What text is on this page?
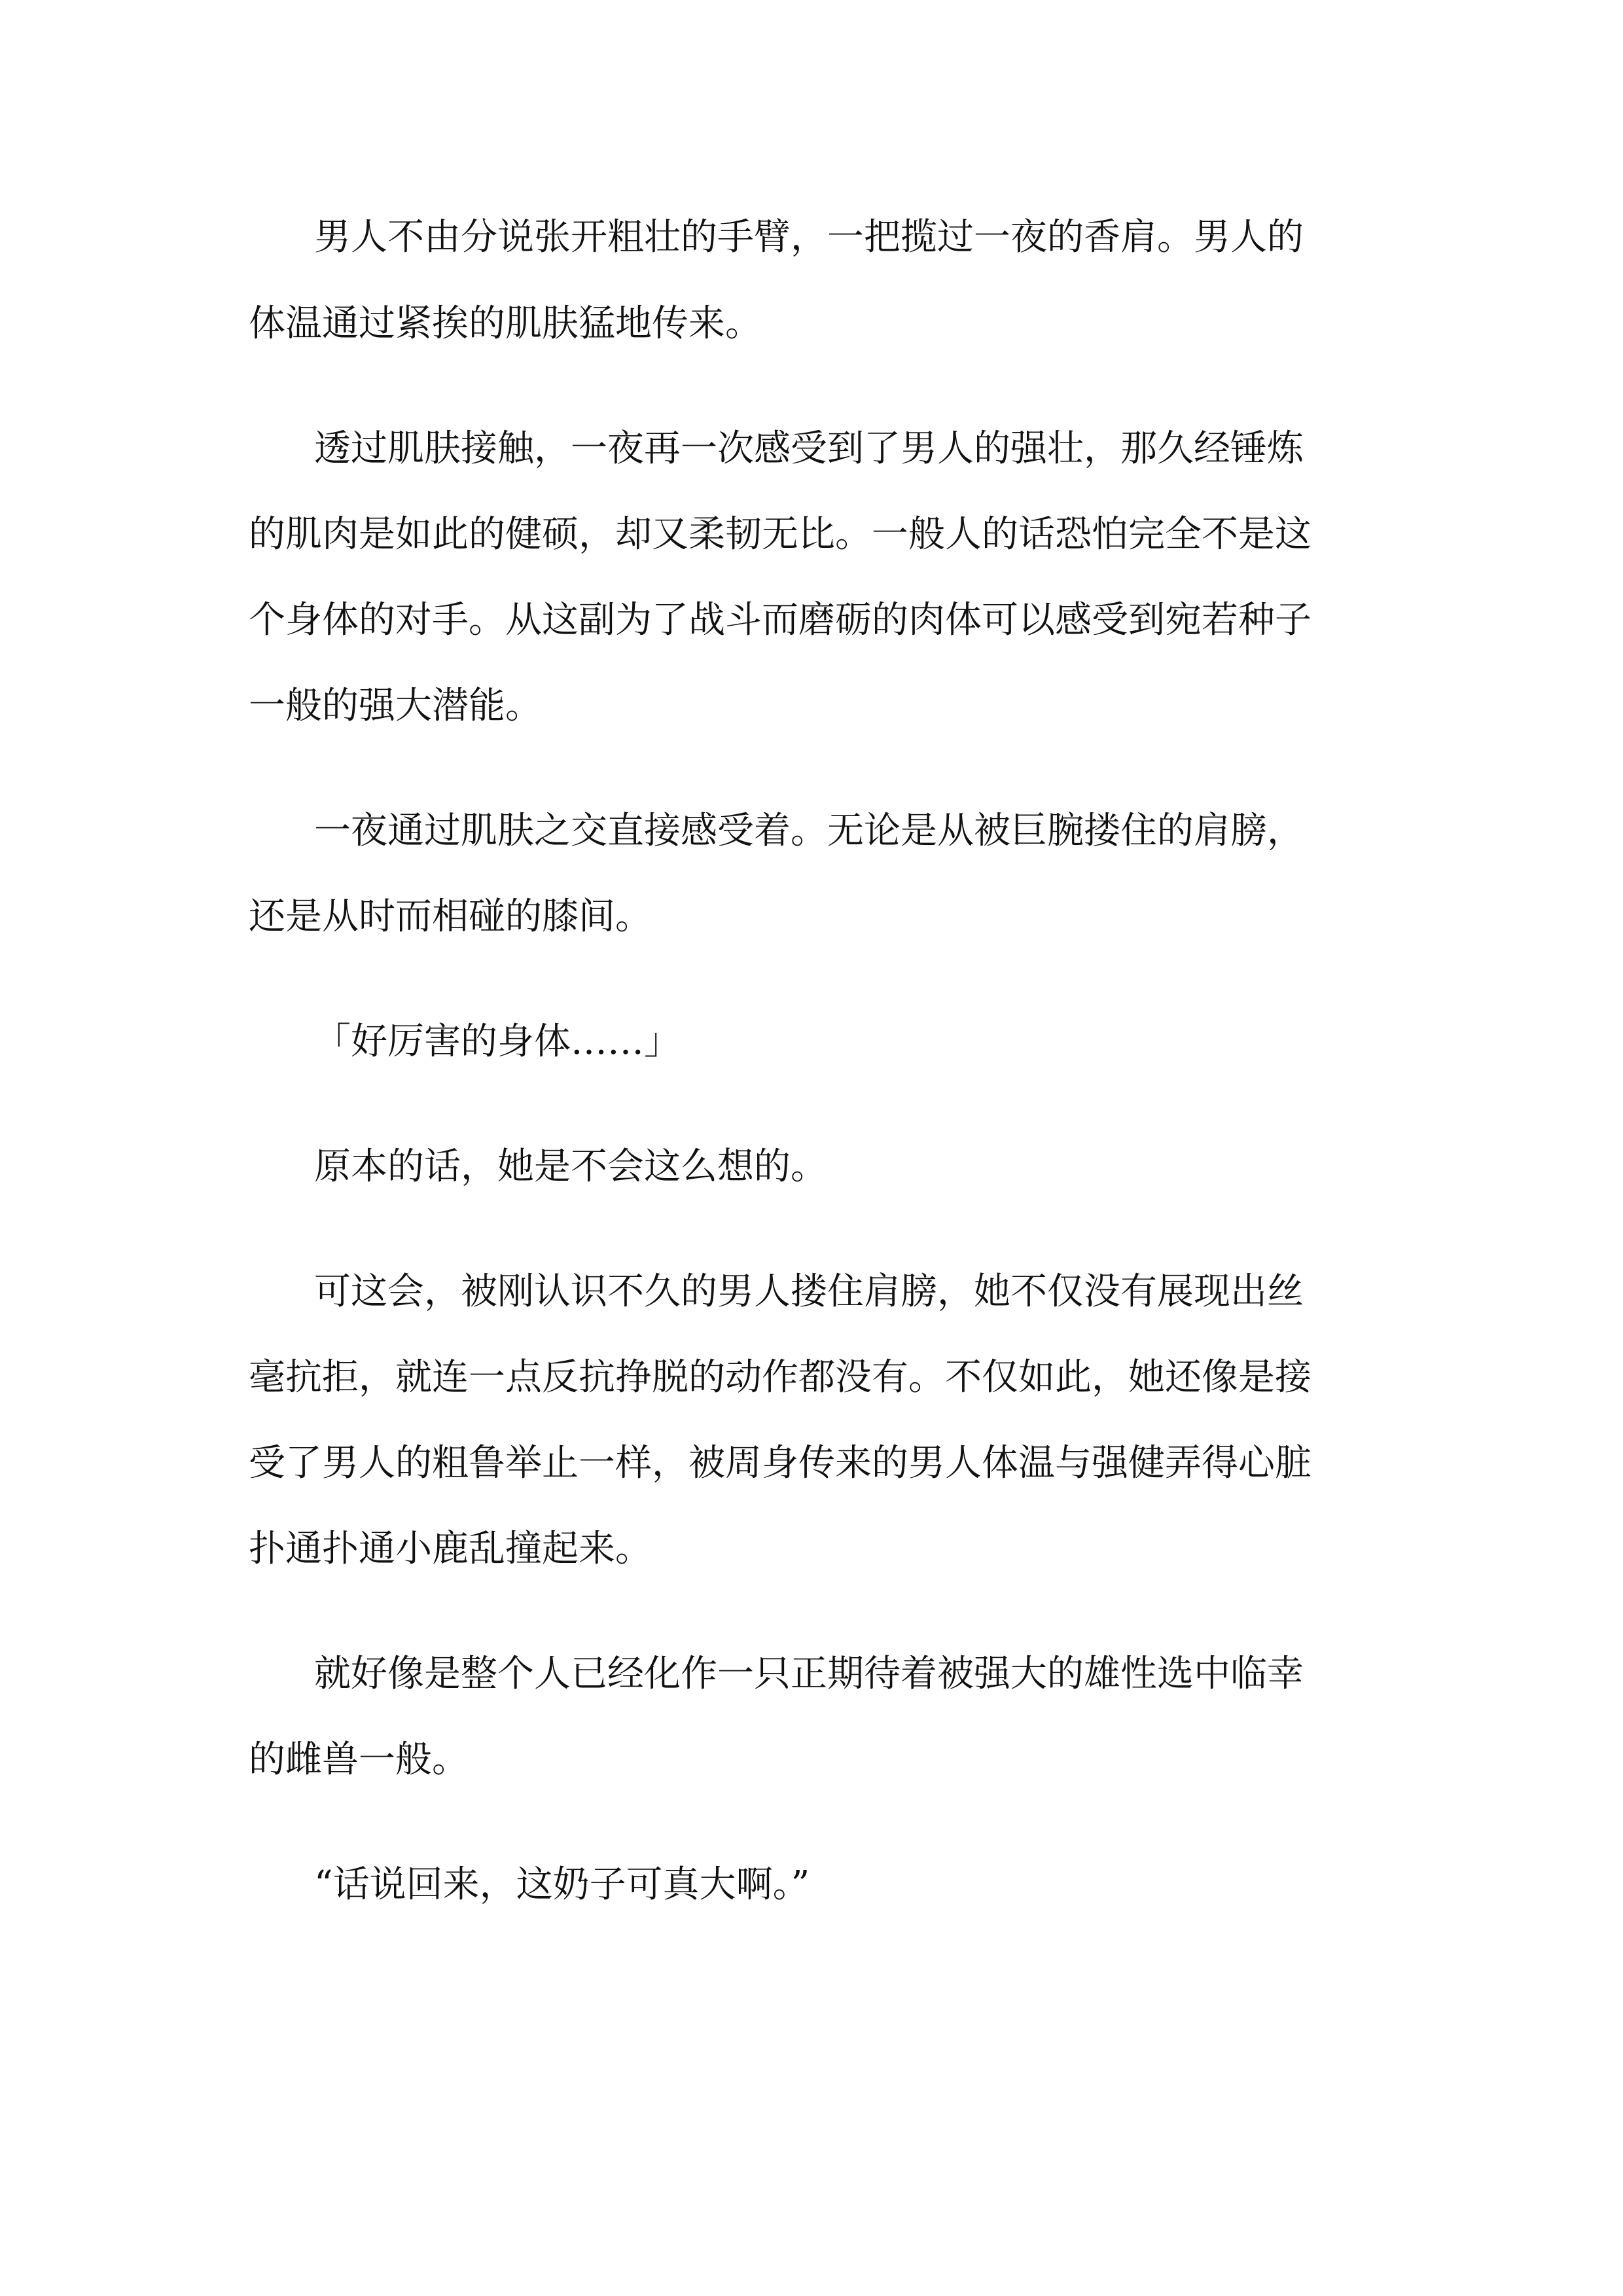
男人不由分说张开粗壮的手臂，一把揽过一夜的香肩。男人的

体温通过紧挨的肌肤猛地传来。

透过肌肤接触，一夜再一次感受到了男人的强壮，那久经锤炼

的肌肉是如此的健硕，却又柔韧无比。一般人的话恐怕完全不是这

个身体的对手。从这副为了战斗而磨砺的肉体可以感受到宛若种子

一般的强大潜能。

一夜通过肌肤之交直接感受着。无论是从被巨腕搂住的肩膀，

还是从时而相碰的膝间。

「好厉害的身体……」

原本的话，她是不会这么想的。

可这会，被刚认识不久的男人搂住肩膀，她不仅没有展现出丝

毫抗拒，就连一点反抗挣脱的动作都没有。不仅如此，她还像是接

受了男人的粗鲁举止一样，被周身传来的男人体温与强健弄得心脏

扑通扑通小鹿乱撞起来。

就好像是整个人已经化作一只正期待着被强大的雄性选中临幸

的雌兽一般。

“话说回来，这奶子可真大啊。”
